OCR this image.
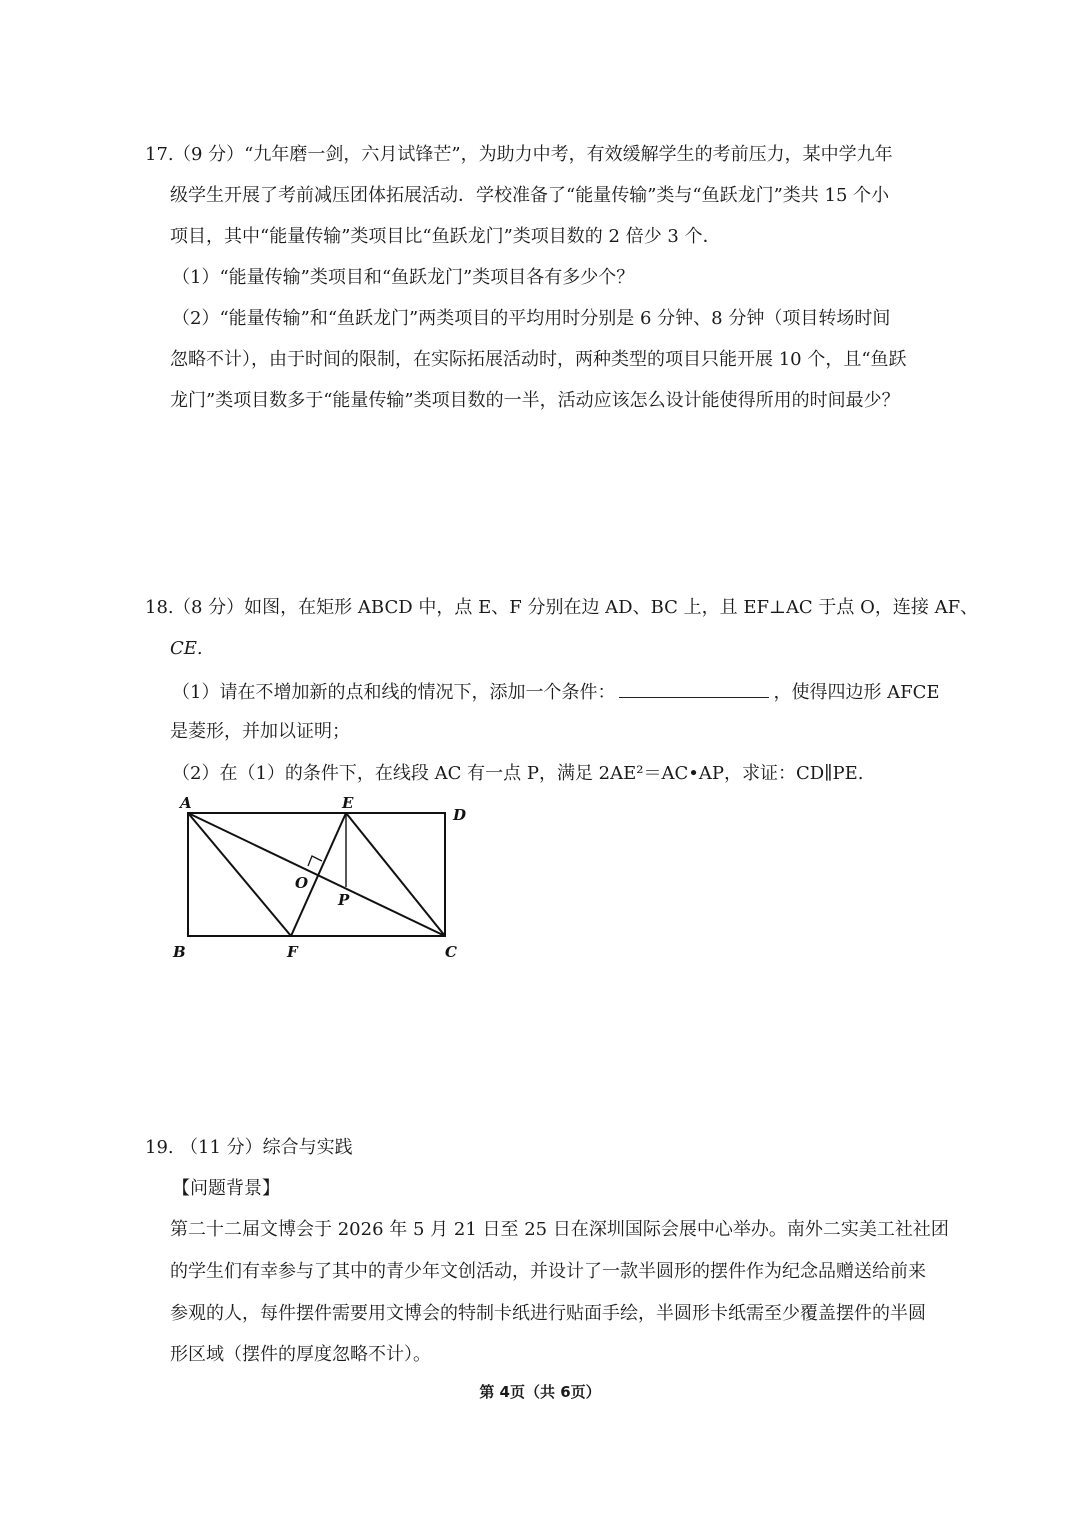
17. （9 分）“九年磨一剑，六月试锋芒”，为助力中考，有效缓解学生的考前压力，某中学九年
级学生开展了考前减压团体拓展活动．学校准备了“能量传输”类与“鱼跃龙门”类共 15 个小
项目，其中“能量传输”类项目比“鱼跃龙门”类项目数的 2 倍少 3 个．
（1）“能量传输”类项目和“鱼跃龙门”类项目各有多少个？
（2）“能量传输”和“鱼跃龙门”两类项目的平均用时分别是 6 分钟、8 分钟（项目转场时间
忽略不计），由于时间的限制，在实际拓展活动时，两种类型的项目只能开展 10 个，且“鱼跃
龙门”类项目数多于“能量传输”类项目数的一半，活动应该怎么设计能使得所用的时间最少？
18. （8 分）如图，在矩形 ABCD 中，点 E、F 分别在边 AD、BC 上，且 EF⊥AC 于点 O，连接 AF、
CE.
（1）请在不增加新的点和线的情况下，添加一个条件：	，使得四边形 AFCE
是菱形，并加以证明；
（2）在（1）的条件下，在线段 AC 有一点 P，满足 2AE²＝AC•AP，求证：CD∥PE.
A	E
D
O
P
B	F	C
19. （11 分）综合与实践
【问题背景】
第二十二届文博会于 2026 年 5 月 21 日至 25 日在深圳国际会展中心举办。南外二实美工社社团
的学生们有幸参与了其中的青少年文创活动，并设计了一款半圆形的摆件作为纪念品赠送给前来
参观的人，每件摆件需要用文博会的特制卡纸进行贴面手绘，半圆形卡纸需至少覆盖摆件的半圆
形区域（摆件的厚度忽略不计）。
第 4页（共 6页）
